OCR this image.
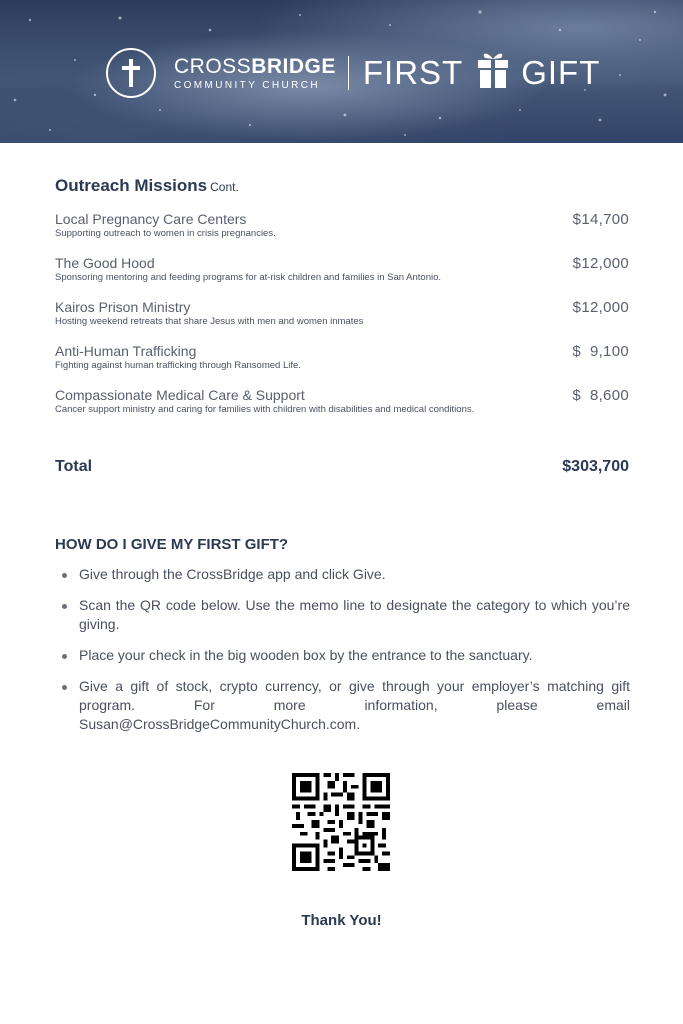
CROSSBRIDGE
COMMUNITY CHURCH	FIRST GIFT
Outreach Missions Cont.
Local Pregnancy Care Centers
Supporting outreach to women in crisis pregnancies.
$14,700
The Good Hood
Sponsoring mentoring and feeding programs for at-risk children and families in San Antonio.
$12,000
Kairos Prison Ministry
Hosting weekend retreats that share Jesus with men and women inmates
$12,000
Anti-Human Trafficking
Fighting against human trafficking through Ransomed Life.
$  9,100
Compassionate Medical Care & Support
Cancer support ministry and caring for families with children with disabilities and medical conditions.
$  8,600
Total	$303,700
HOW DO I GIVE MY FIRST GIFT?
Give through the CrossBridge app and click Give.
Scan the QR code below. Use the memo line to designate the category to which you’re giving.
Place your check in the big wooden box by the entrance to the sanctuary.
Give a gift of stock, crypto currency, or give through your employer’s matching gift program. For more information, please email Susan@CrossBridgeCommunityChurch.com.
Thank You!
